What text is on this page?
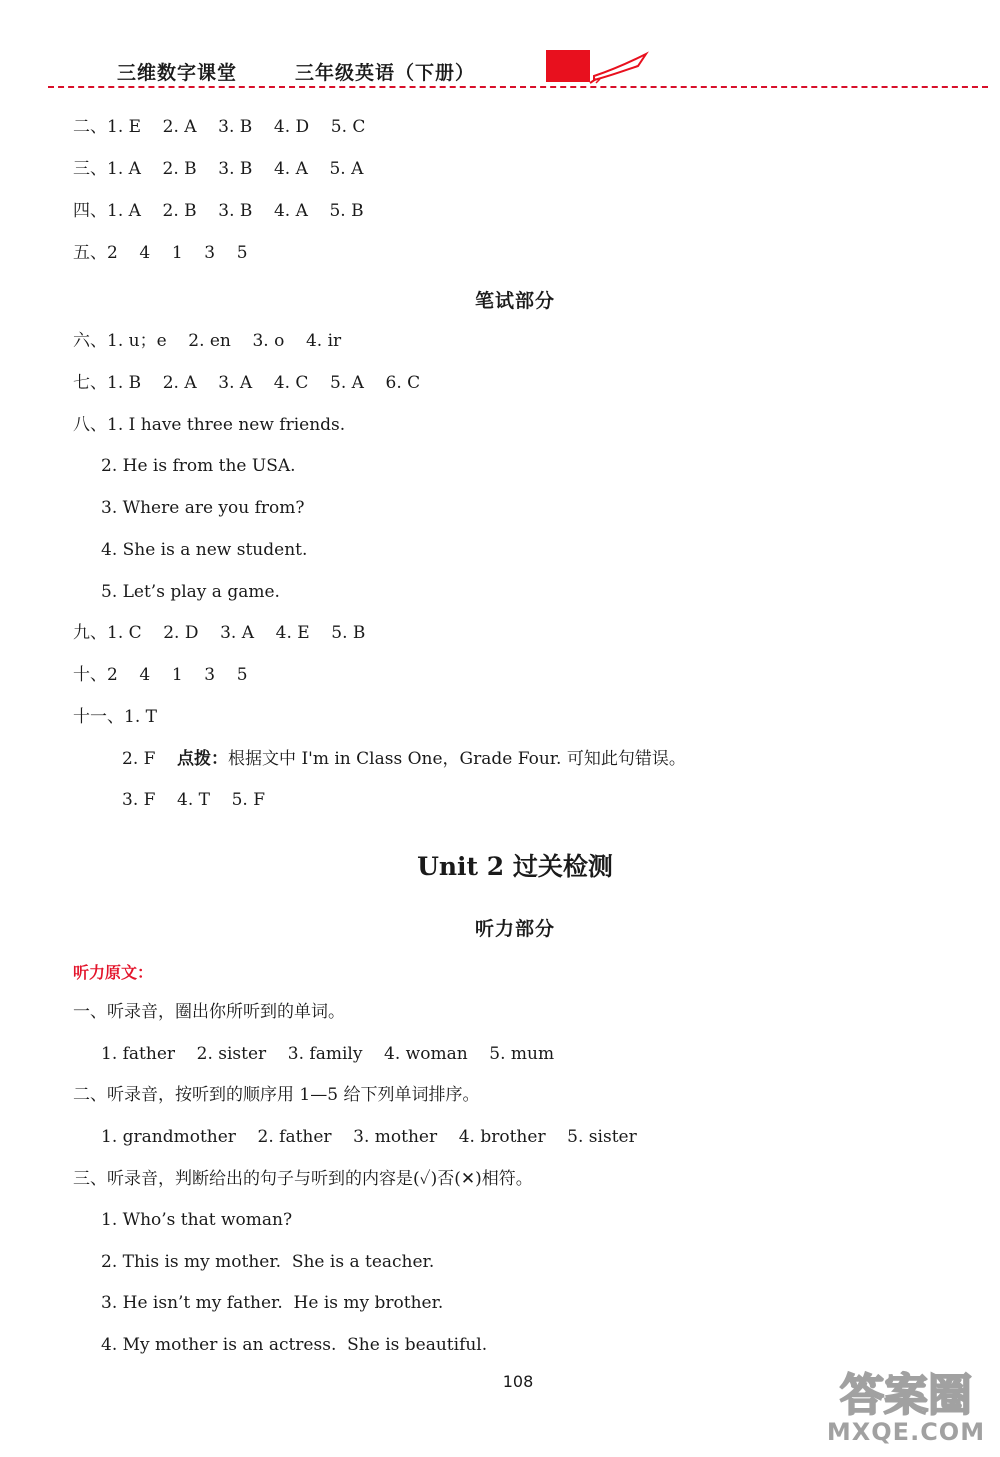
三维数字课堂	三年级英语（下册）
二、1. E    2. A    3. B    4. D    5. C
三、1. A    2. B    3. B    4. A    5. A
四、1. A    2. B    3. B    4. A    5. B
五、2    4    1    3    5
笔试部分
六、1. u；e    2. en    3. o    4. ir
七、1. B    2. A    3. A    4. C    5. A    6. C
八、1. I have three new friends.
2. He is from the USA.
3. Where are you from?
4. She is a new student.
5. Let’s play a game.
九、1. C    2. D    3. A    4. E    5. B
十、2    4    1    3    5
十一、1. T
2. F    点拨：根据文中 I'm in Class One，Grade Four. 可知此句错误。
3. F    4. T    5. F
Unit 2 过关检测
听力部分
听力原文：
一、听录音，圈出你所听到的单词。
1. father    2. sister    3. family    4. woman    5. mum
二、听录音，按听到的顺序用 1—5 给下列单词排序。
1. grandmother    2. father    3. mother    4. brother    5. sister
三、听录音，判断给出的句子与听到的内容是(✓)否(✕)相符。
1. Who’s that woman?
2. This is my mother.  She is a teacher.
3. He isn’t my father.  He is my brother.
4. My mother is an actress.  She is beautiful.
108	答案圈
MXQE.COM
